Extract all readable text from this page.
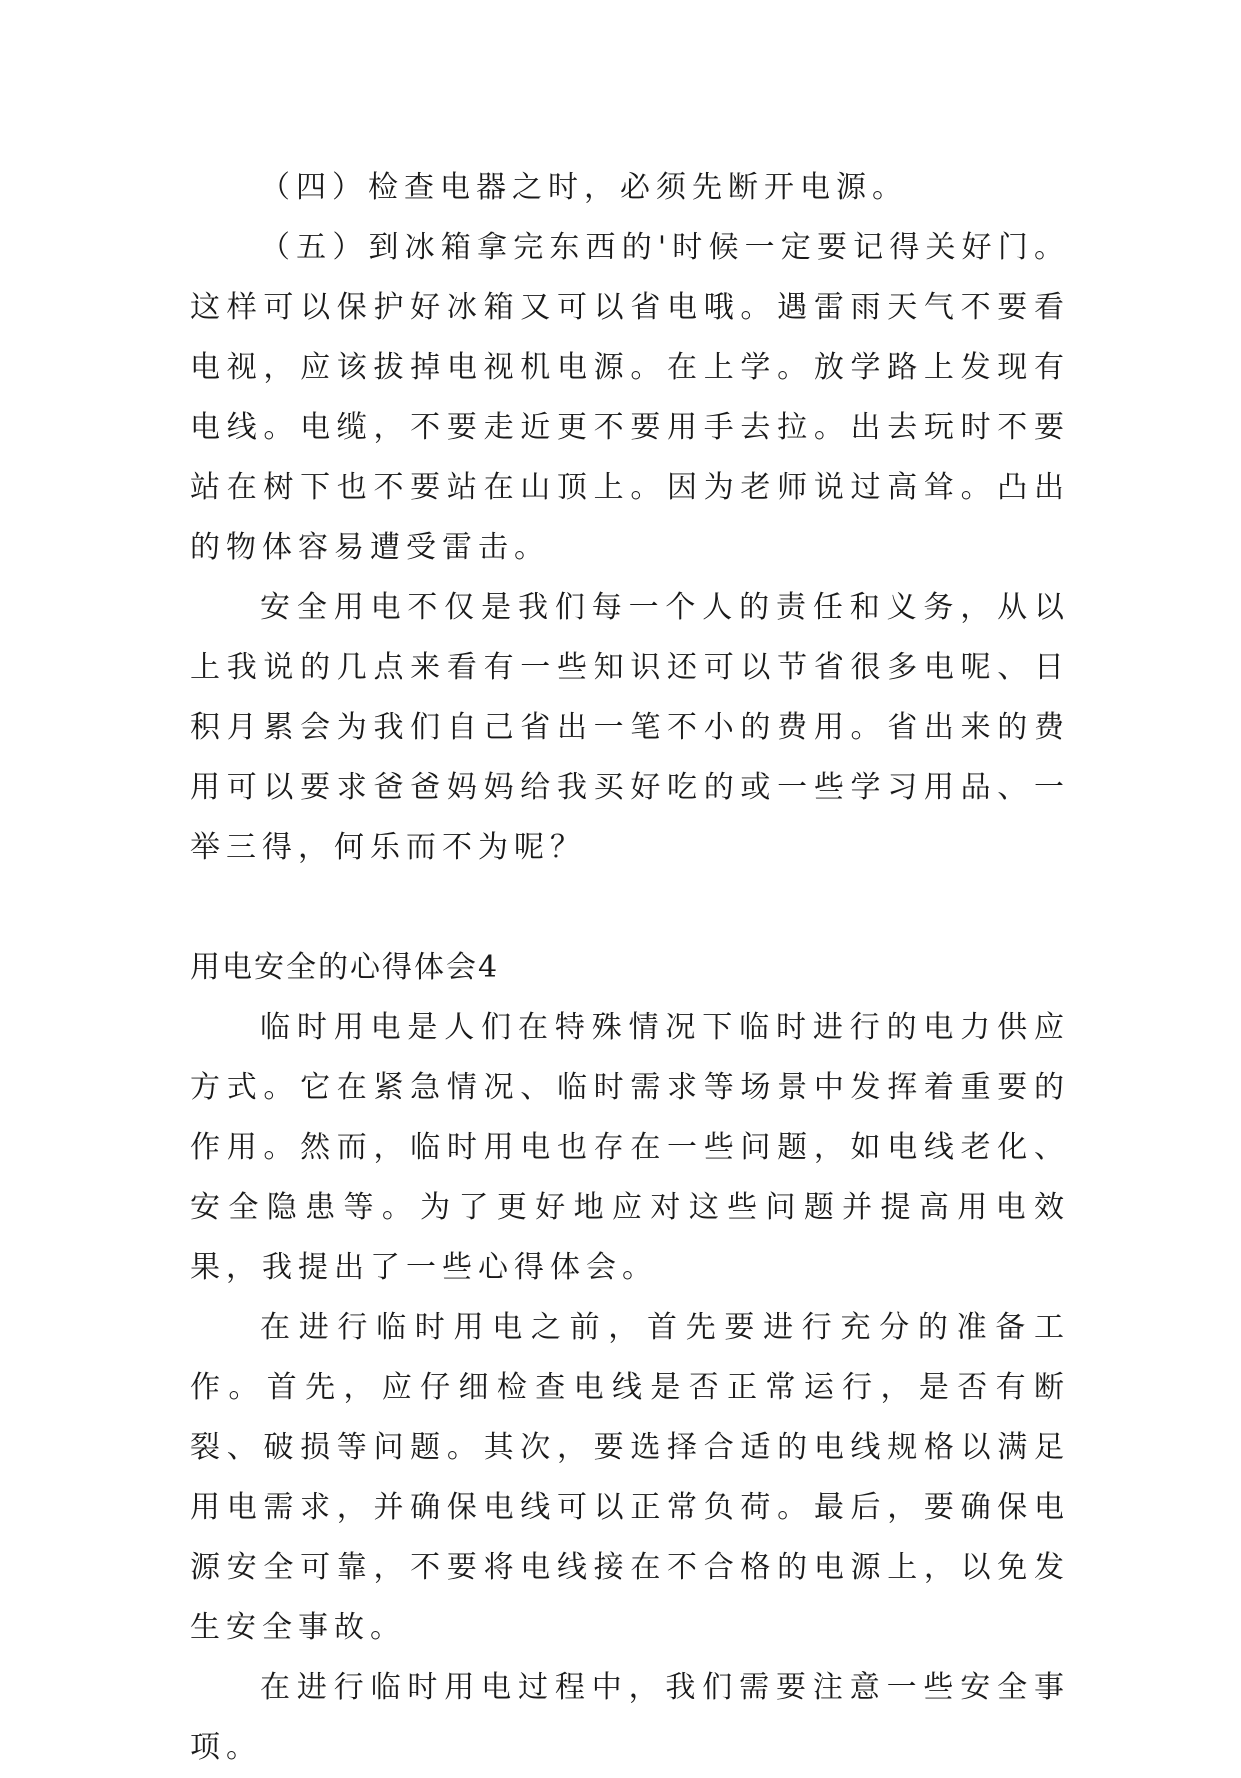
（四）检查电器之时，必须先断开电源。

（五）到冰箱拿完东西的'时候一定要记得关好门。这样可以保护好冰箱又可以省电哦。遇雷雨天气不要看电视，应该拔掉电视机电源。在上学。放学路上发现有电线。电缆，不要走近更不要用手去拉。出去玩时不要站在树下也不要站在山顶上。因为老师说过高耸。凸出的物体容易遭受雷击。

安全用电不仅是我们每一个人的责任和义务，从以上我说的几点来看有一些知识还可以节省很多电呢、日积月累会为我们自己省出一笔不小的费用。省出来的费用可以要求爸爸妈妈给我买好吃的或一些学习用品、一举三得，何乐而不为呢？

用电安全的心得体会4

临时用电是人们在特殊情况下临时进行的电力供应方式。它在紧急情况、临时需求等场景中发挥着重要的作用。然而，临时用电也存在一些问题，如电线老化、安全隐患等。为了更好地应对这些问题并提高用电效果，我提出了一些心得体会。

在进行临时用电之前，首先要进行充分的准备工作。首先，应仔细检查电线是否正常运行，是否有断裂、破损等问题。其次，要选择合适的电线规格以满足用电需求，并确保电线可以正常负荷。最后，要确保电源安全可靠，不要将电线接在不合格的电源上，以免发生安全事故。

在进行临时用电过程中，我们需要注意一些安全事项。
